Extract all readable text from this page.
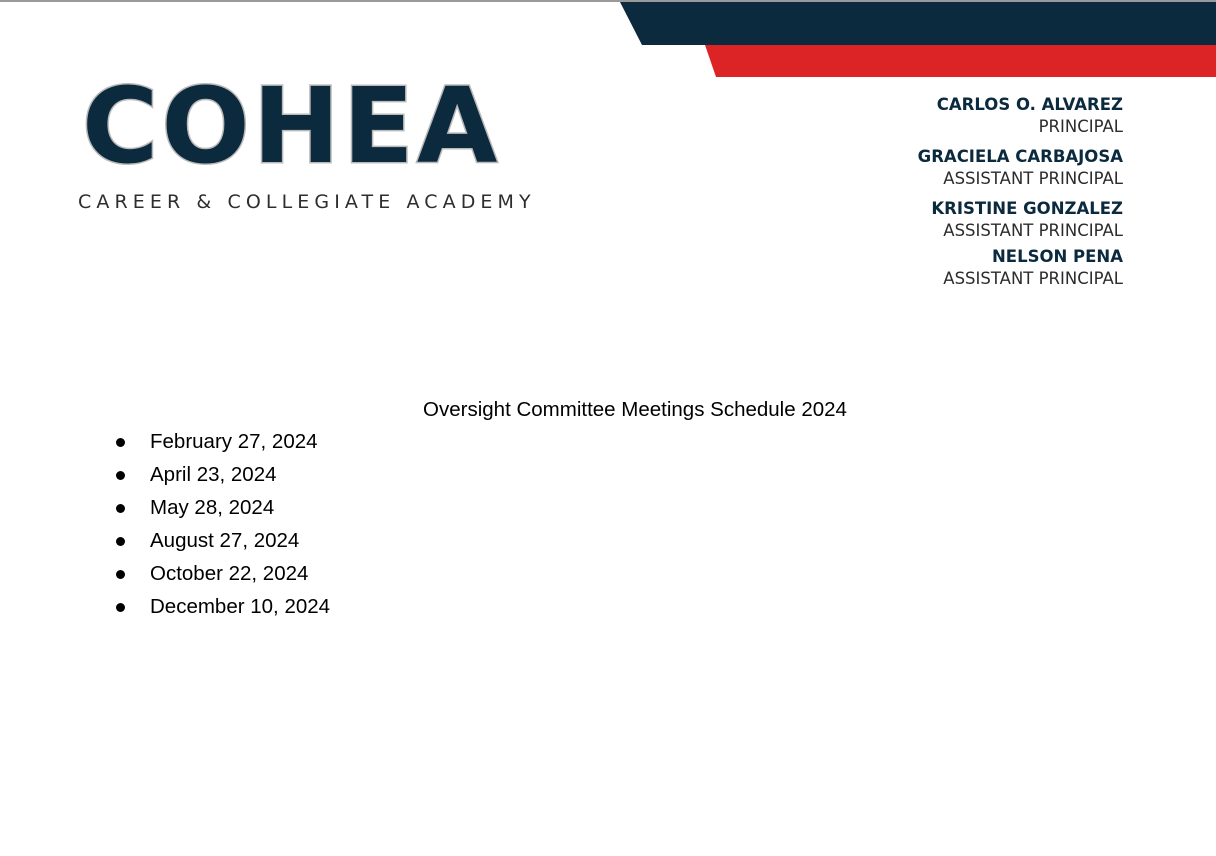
COHEA
CAREER & COLLEGIATE ACADEMY
CARLOS O. ALVAREZ
PRINCIPAL
GRACIELA CARBAJOSA
ASSISTANT PRINCIPAL
KRISTINE GONZALEZ
ASSISTANT PRINCIPAL
NELSON PENA
ASSISTANT PRINCIPAL
Oversight Committee Meetings Schedule 2024
February 27, 2024
April 23, 2024
May 28, 2024
August 27, 2024
October 22, 2024
December 10, 2024
